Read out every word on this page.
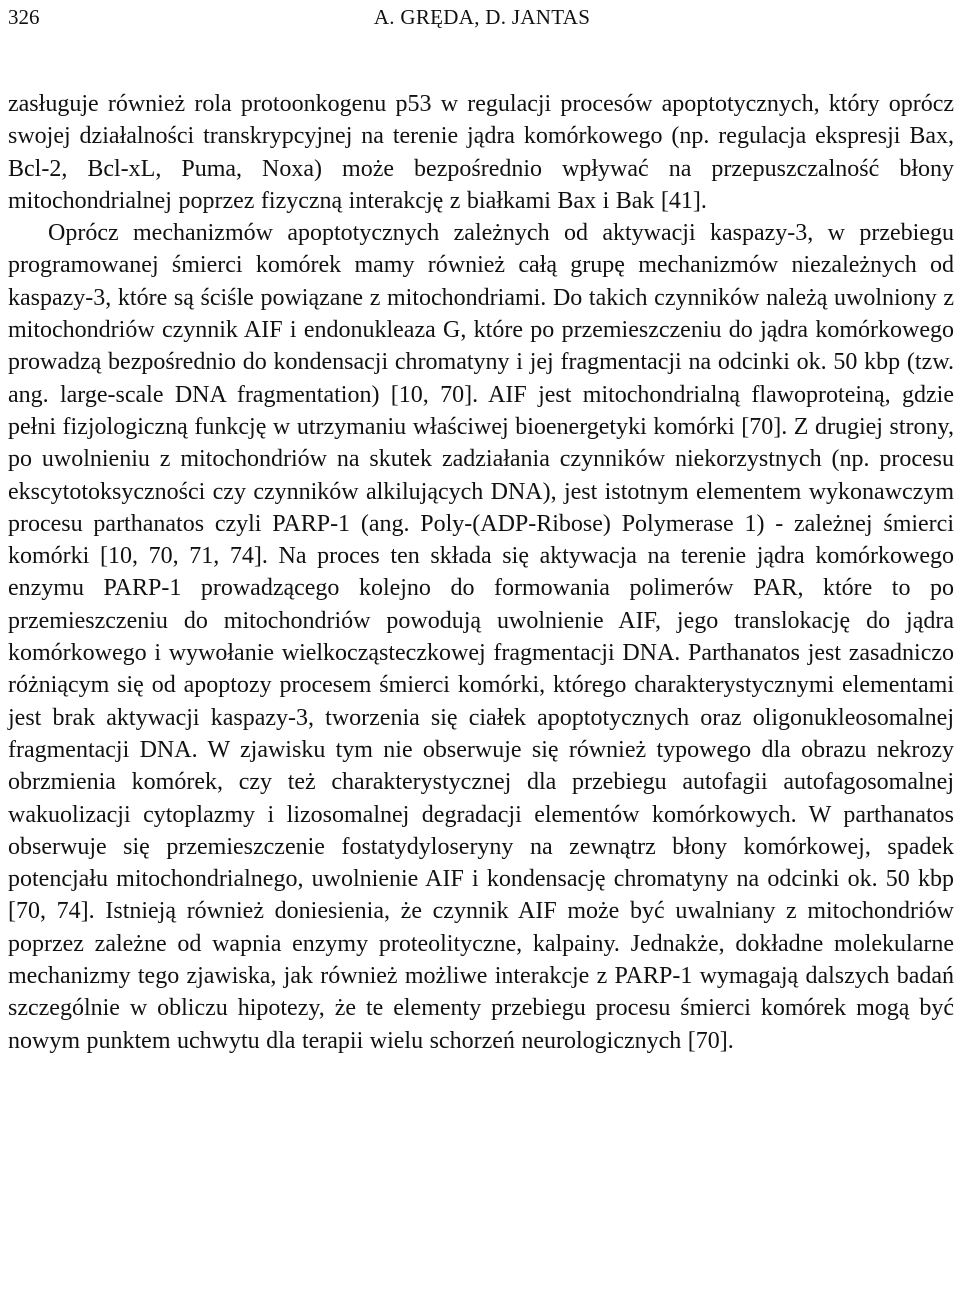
326	A. GRĘDA, D. JANTAS

zasługuje również rola protoonkogenu p53 w regulacji procesów apoptotycznych, który oprócz swojej działalności transkrypcyjnej na terenie jądra komórkowego (np. regulacja ekspresji Bax, Bcl-2, Bcl-xL, Puma, Noxa) może bezpośrednio wpływać na przepuszczalność błony mitochondrialnej poprzez fizyczną interakcję z białkami Bax i Bak [41].

Oprócz mechanizmów apoptotycznych zależnych od aktywacji kaspazy-3, w przebiegu programowanej śmierci komórek mamy również całą grupę mechanizmów niezależnych od kaspazy-3, które są ściśle powiązane z mitochondriami. Do takich czynników należą uwolniony z mitochondriów czynnik AIF i endonukleaza G, które po przemieszczeniu do jądra komórkowego prowadzą bezpośrednio do kondensacji chromatyny i jej fragmentacji na odcinki ok. 50 kbp (tzw. ang. large-scale DNA fragmentation) [10, 70]. AIF jest mitochondrialną flawoproteiną, gdzie pełni fizjologiczną funkcję w utrzymaniu właściwej bioenergetyki komórki [70]. Z drugiej strony, po uwolnieniu z mitochondriów na skutek zadziałania czynników niekorzystnych (np. procesu ekscytotoksyczności czy czynników alkilujących DNA), jest istotnym elementem wykonawczym procesu parthanatos czyli PARP-1 (ang. Poly-(ADP-Ribose) Polymerase 1) - zależnej śmierci komórki [10, 70, 71, 74]. Na proces ten składa się aktywacja na terenie jądra komórkowego enzymu PARP-1 prowadzącego kolejno do formowania polimerów PAR, które to po przemieszczeniu do mitochondriów powodują uwolnienie AIF, jego translokację do jądra komórkowego i wywołanie wielkocząsteczkowej fragmentacji DNA. Parthanatos jest zasadniczo różniącym się od apoptozy procesem śmierci komórki, którego charakterystycznymi elementami jest brak aktywacji kaspazy-3, tworzenia się ciałek apoptotycznych oraz oligonukleosomalnej fragmentacji DNA. W zjawisku tym nie obserwuje się również typowego dla obrazu nekrozy obrzmienia komórek, czy też charakterystycznej dla przebiegu autofagii autofagosomalnej wakuolizacji cytoplazmy i lizosomalnej degradacji elementów komórkowych. W parthanatos obserwuje się przemieszczenie fostatydyloseryny na zewnątrz błony komórkowej, spadek potencjału mitochondrialnego, uwolnienie AIF i kondensację chromatyny na odcinki ok. 50 kbp [70, 74]. Istnieją również doniesienia, że czynnik AIF może być uwalniany z mitochondriów poprzez zależne od wapnia enzymy proteolityczne, kalpainy. Jednakże, dokładne molekularne mechanizmy tego zjawiska, jak również możliwe interakcje z PARP-1 wymagają dalszych badań szczególnie w obliczu hipotezy, że te elementy przebiegu procesu śmierci komórek mogą być nowym punktem uchwytu dla terapii wielu schorzeń neurologicznych [70].
